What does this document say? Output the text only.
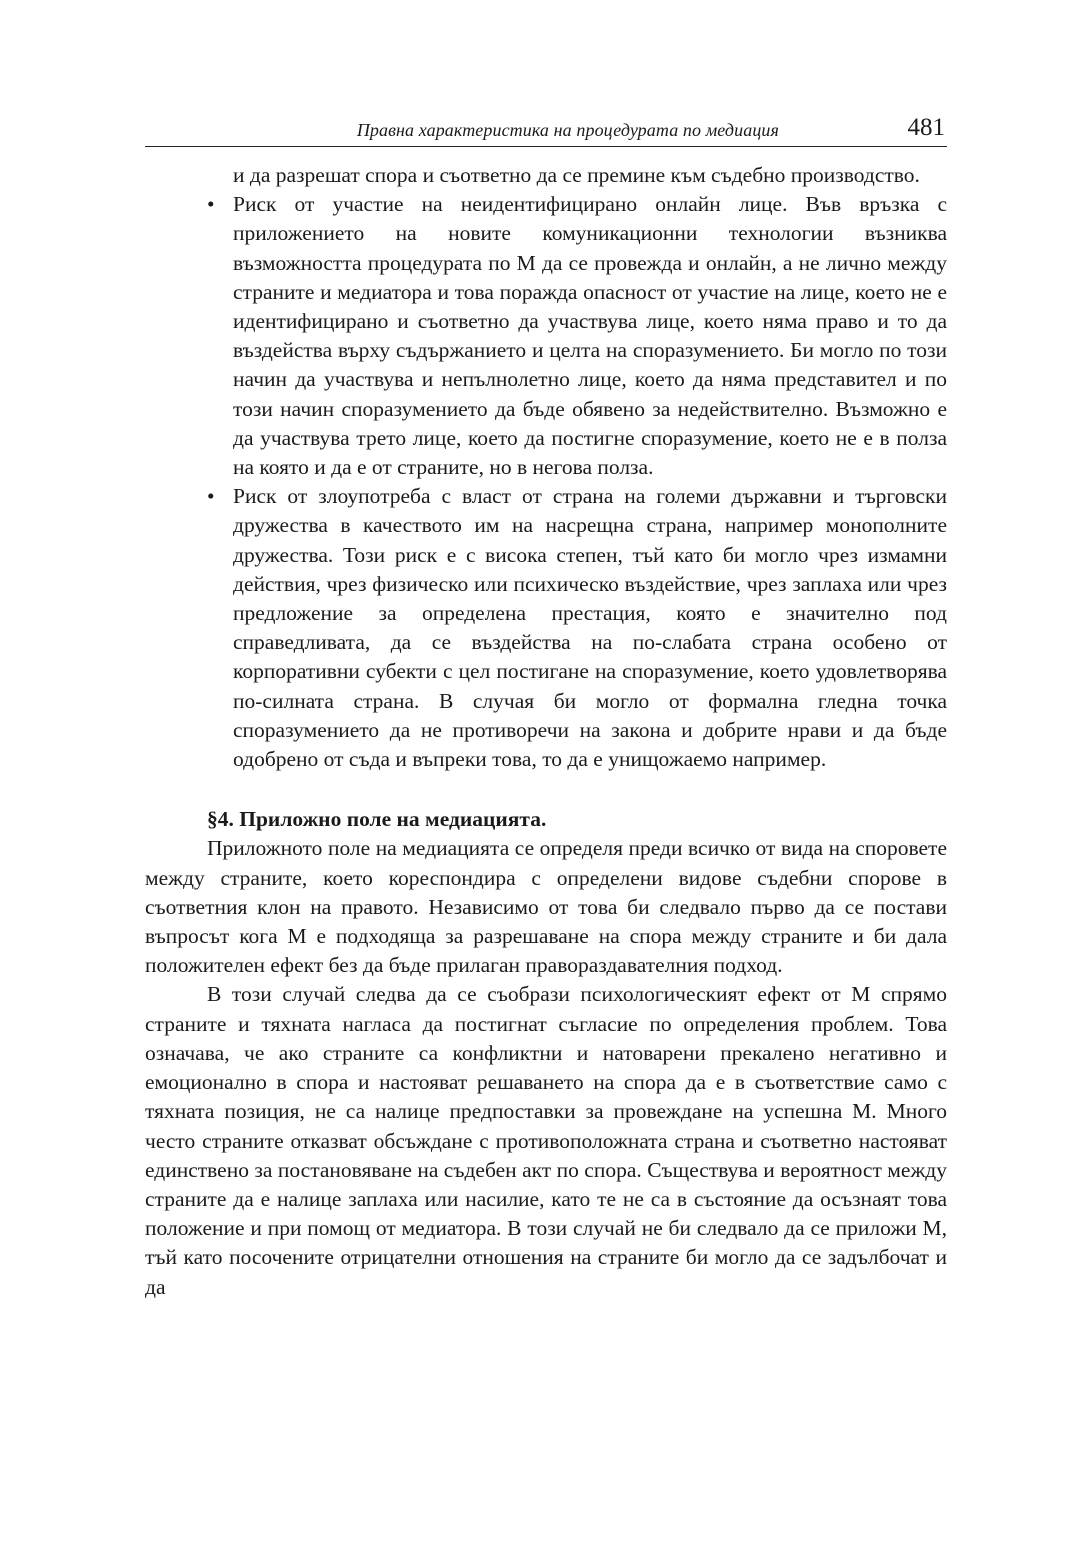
Правна характеристика на процедурата по медиация	481
и да разрешат спора и съответно да се премине към съдебно производство.
• Риск от участие на неидентифицирано онлайн лице. Във връзка с приложението на новите комуникационни технологии възниква възможността процедурата по М да се провежда и онлайн, а не лично между страните и медиатора и това поражда опасност от участие на лице, което не е идентифицирано и съответно да участвува лице, което няма право и то да въздейства върху съдържанието и целта на споразумението. Би могло по този начин да участвува и непълнолетно лице, което да няма представител и по този начин споразумението да бъде обявено за недействително. Възможно е да участвува трето лице, което да постигне споразумение, което не е в полза на която и да е от страните, но в негова полза.
• Риск от злоупотреба с власт от страна на големи държавни и търговски дружества в качеството им на насрещна страна, например монополните дружества. Този риск е с висока степен, тъй като би могло чрез измамни действия, чрез физическо или психическо въздействие, чрез заплаха или чрез предложение за определена престация, която е значително под справедливата, да се въздейства на по-слабата страна особено от корпоративни субекти с цел постигане на споразумение, което удовлетворява по-силната страна. В случая би могло от формална гледна точка споразумението да не противоречи на закона и добрите нрави и да бъде одобрено от съда и въпреки това, то да е унищожаемо например.
§4. Приложно поле на медиацията.

Приложното поле на медиацията се определя преди всичко от вида на споровете между страните, което кореспондира с определени видове съдебни спорове в съответния клон на правото. Независимо от това би следвало първо да се постави въпросът кога М е подходяща за разрешаване на спора между страните и би дала положителен ефект без да бъде прилаган правораздавателния подход.

В този случай следва да се съобрази психологическият ефект от М спрямо страните и тяхната нагласа да постигнат съгласие по определения проблем. Това означава, че ако страните са конфликтни и натоварени прекалено негативно и емоционално в спора и настояват решаването на спора да е в съответствие само с тяхната позиция, не са налице предпоставки за провеждане на успешна М. Много често страните отказват обсъждане с противоположната страна и съответно настояват единствено за постановяване на съдебен акт по спора. Съществува и вероятност между страните да е налице заплаха или насилие, като те не са в състояние да осъзнаят това положение и при помощ от медиатора. В този случай не би следвало да се приложи М, тъй като посочените отрицателни отношения на страните би могло да се задълбочат и да
